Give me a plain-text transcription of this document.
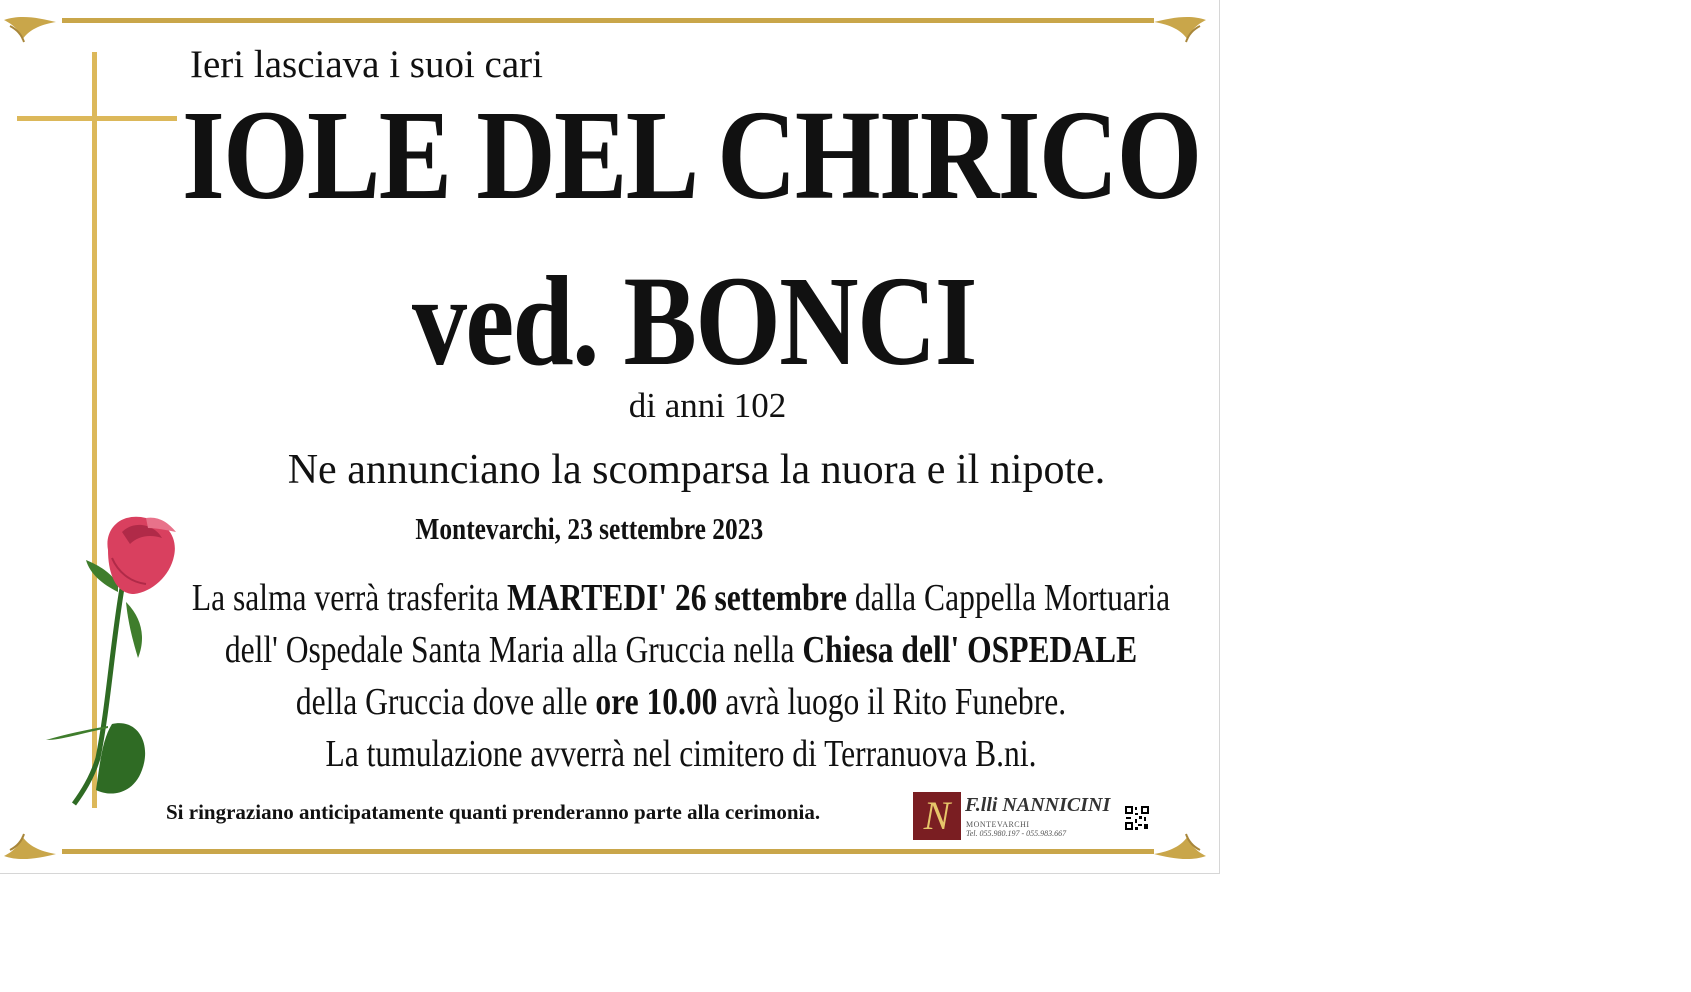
Ieri lasciava i suoi cari
IOLE DEL CHIRICO
ved. BONCI
di anni 102
Ne annunciano la scomparsa la nuora e il nipote.
Montevarchi, 23 settembre 2023
La salma verrà trasferita MARTEDI' 26 settembre dalla Cappella Mortuaria
dell' Ospedale Santa Maria alla Gruccia nella Chiesa dell' OSPEDALE
della Gruccia dove alle ore 10.00 avrà luogo il Rito Funebre.
La tumulazione avverrà nel cimitero di Terranuova B.ni.
Si ringraziano anticipatamente quanti prenderanno parte alla cerimonia.	N F.lli NANNICINI
MONTEVARCHI
Tel. 055.980.197 - 055.983.667
